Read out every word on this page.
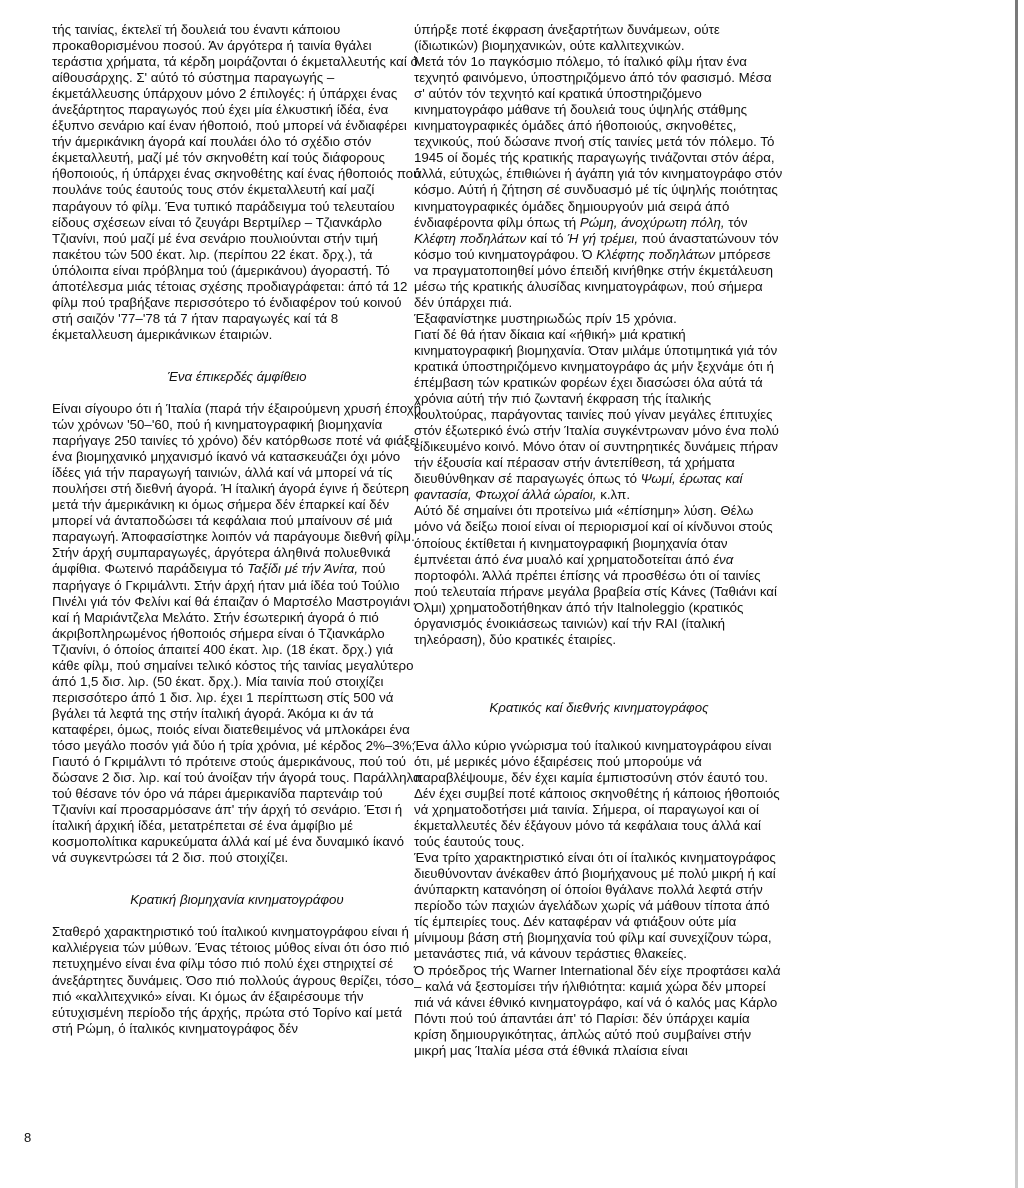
τής ταινίας, έκτελεϊ τή δουλειά του έναντι κάποιου προκαθορισμένου ποσού. Άν άργότερα ή ταινία θγάλει τεράστια χρήματα, τά κέρδη μοιράζονται ό έκμεταλλευτής καί ό αίθουσάρχης. Σ' αύτό τό σύστημα παραγωγής – έκμετάλλευσης ύπάρχουν μόνο 2 έπιλογές: ή ύπάρχει ένας άνεξάρτητος παραγωγός πού έχει μία έλκυστική ίδέα, ένα έξυπνο σενάριο καί έναν ήθοποιό, πού μπορεί νά ένδιαφέρει τήν άμερικάνικη άγορά καί πουλάει όλο τό σχέδιο στόν έκμεταλλευτή, μαζί μέ τόν σκηνοθέτη καί τούς διάφορους ήθοποιούς, ή ύπάρχει ένας σκηνοθέτης καί ένας ήθοποιός πού πουλάνε τούς έαυτούς τους στόν έκμεταλλευτή καί μαζί παράγουν τό φίλμ. Ένα τυπικό παράδειγμα τού τελευταίου είδους σχέσεων είναι τό ζευγάρι Βερτμίλερ – Τζιανκάρλο Τζιανίνι, πού μαζί μέ ένα σενάριο πουλιούνται στήν τιμή πακέτου τών 500 έκατ. λιρ. (περίπου 22 έκατ. δρχ.), τά ύπόλοιπα είναι πρόβλημα τού (άμερικάνου) άγοραστή. Τό άποτέλεσμα μιάς τέτοιας σχέσης προδιαγράφεται: άπό τά 12 φίλμ πού τραβήξανε περισσότερο τό ένδιαφέρον τού κοινού στή σαιζόν '77–'78 τά 7 ήταν παραγωγές καί τά 8 έκμεταλλευση άμερικάνικων έταιριών.

Ένα έπικερδές άμφίθειο

Είναι σίγουρο ότι ή Ίταλία (παρά τήν έξαιρούμενη χρυσή έποχή τών χρόνων '50–'60, πού ή κινηματογραφική βιομηχανία παρήγαγε 250 ταινίες τό χρόνο) δέν κατόρθωσε ποτέ νά φιάξει ένα βιομηχανικό μηχανισμό ίκανό νά κατασκευάζει όχι μόνο ίδέες γιά τήν παραγωγή ταινιών, άλλά καί νά μπορεί νά τίς πουλήσει στή διεθνή άγορά. Ή ίταλική άγορά έγινε ή δεύτερη μετά τήν άμερικάνικη κι όμως σήμερα δέν έπαρκεί καί δέν μπορεί νά άνταποδώσει τά κεφάλαια πού μπαίνουν σέ μιά παραγωγή. Άποφασίστηκε λοιπόν νά παράγουμε διεθνή φίλμ. Στήν άρχή συμπαραγωγές, άργότερα άληθινά πολυεθνικά άμφίθια. Φωτεινό παράδειγμα τό Ταξίδι μέ τήν Άνίτα, πού παρήγαγε ό Γκριμάλντι. Στήν άρχή ήταν μιά ίδέα τού Τούλιο Πινέλι γιά τόν Φελίνι καί θά έπαιζαν ό Μαρτσέλο Μαστρογιάνι καί ή Μαριάντζελα Μελάτο. Στήν έσωτερική άγορά ό πιό άκριβοπληρωμένος ήθοποιός σήμερα είναι ό Τζιανκάρλο Τζιανίνι, ό όποίος άπαιτεί 400 έκατ. λιρ. (18 έκατ. δρχ.) γιά κάθε φίλμ, πού σημαίνει τελικό κόστος τής ταινίας μεγαλύτερο άπό 1,5 δισ. λιρ. (50 έκατ. δρχ.). Μία ταινία πού στοιχίζει περισσότερο άπό 1 δισ. λιρ. έχει 1 περίπτωση στίς 500 νά βγάλει τά λεφτά της στήν ίταλική άγορά. Άκόμα κι άν τά καταφέρει, όμως, ποιός είναι διατεθειμένος νά μπλοκάρει ένα τόσο μεγάλο ποσόν γιά δύο ή τρία χρόνια, μέ κέρδος 2%–3%; Γιαυτό ό Γκριμάλντι τό πρότεινε στούς άμερικάνους, πού τού δώσανε 2 δισ. λιρ. καί τού άνοίξαν τήν άγορά τους. Παράλληλα τού θέσανε τόν όρο νά πάρει άμερικανίδα παρτενάιρ τού Τζιανίνι καί προσαρμόσανε άπ' τήν άρχή τό σενάριο. Έτσι ή ίταλική άρχική ίδέα, μετατρέπεται σέ ένα άμφίβιο μέ κοσμοπολίτικα καρυκεύματα άλλά καί μέ ένα δυναμικό ίκανό νά συγκεντρώσει τά 2 δισ. πού στοιχίζει.

Κρατική βιομηχανία κινηματογράφου

Σταθερό χαρακτηριστικό τού ίταλικού κινηματογράφου είναι ή καλλιέργεια τών μύθων. Ένας τέτοιος μύθος είναι ότι όσο πιό πετυχημένο είναι ένα φίλμ τόσο πιό πολύ έχει στηριχτεί σέ άνεξάρτητες δυνάμεις. Όσο πιό πολλούς άγρους θερίζει, τόσο πιό «καλλιτεχνικό» είναι. Κι όμως άν έξαιρέσουμε τήν εύτυχισμένη περίοδο τής άρχής, πρώτα στό Τορίνο καί μετά στή Ρώμη, ό ίταλικός κινηματογράφος δέν

ύπήρξε ποτέ έκφραση άνεξαρτήτων δυνάμεων, ούτε (ίδιωτικών) βιομηχανικών, ούτε καλλιτεχνικών.

Μετά τόν 1ο παγκόσμιο πόλεμο, τό ίταλικό φίλμ ήταν ένα τεχνητό φαινόμενο, ύποστηριζόμενο άπό τόν φασισμό. Μέσα σ' αύτόν τόν τεχνητό καί κρατικά ύποστηριζόμενο κινηματογράφο μάθανε τή δουλειά τους ύψηλής στάθμης κινηματογραφικές όμάδες άπό ήθοποιούς, σκηνοθέτες, τεχνικούς, πού δώσανε πνοή στίς ταινίες μετά τόν πόλεμο. Τό 1945 οί δομές τής κρατικής παραγωγής τινάζονται στόν άέρα, άλλά, εύτυχώς, έπιθιώνει ή άγάπη γιά τόν κινηματογράφο στόν κόσμο. Αύτή ή ζήτηση σέ συνδυασμό μέ τίς ύψηλής ποιότητας κινηματογραφικές όμάδες δημιουργούν μιά σειρά άπό ένδιαφέροντα φίλμ όπως τή Ρώμη, άνοχύρωτη πόλη, τόν Κλέφτη ποδηλάτων καί τό Ή γή τρέμει, πού άναστατώνουν τόν κόσμο τού κινηματογράφου. Ό Κλέφτης ποδηλάτων μπόρεσε να πραγματοποιηθεί μόνο έπειδή κινήθηκε στήν έκμετάλευση μέσω τής κρατικής άλυσίδας κινηματογράφων, πού σήμερα δέν ύπάρχει πιά.

Έξαφανίστηκε μυστηριωδώς πρίν 15 χρόνια.

Γιατί δέ θά ήταν δίκαια καί «ήθική» μιά κρατική κινηματογραφική βιομηχανία. Όταν μιλάμε ύποτιμητικά γιά τόν κρατικά ύποστηριζόμενο κινηματογράφο άς μήν ξεχνάμε ότι ή έπέμβαση τών κρατικών φορέων έχει διασώσει όλα αύτά τά χρόνια αύτή τήν πιό ζωντανή έκφραση τής ίταλικής κουλτούρας, παράγοντας ταινίες πού γίναν μεγάλες έπιτυχίες στόν έξωτερικό ένώ στήν Ίταλία συγκέντρωναν μόνο ένα πολύ είδικευμένο κοινό. Μόνο όταν οί συντηρητικές δυνάμεις πήραν τήν έξουσία καί πέρασαν στήν άντεπίθεση, τά χρήματα διευθύνθηκαν σέ παραγωγές όπως τό Ψωμί, έρωτας καί φαντασία, Φτωχοί άλλά ώραίοι, κ.λπ.

Αύτό δέ σημαίνει ότι προτείνω μιά «έπίσημη» λύση. Θέλω μόνο νά δείξω ποιοί είναι οί περιορισμοί καί οί κίνδυνοι στούς όποίους έκτίθεται ή κινηματογραφική βιομηχανία όταν έμπνέεται άπό ένα μυαλό καί χρηματοδοτείται άπό ένα πορτοφόλι. Άλλά πρέπει έπίσης νά προσθέσω ότι οί ταινίες πού τελευταία πήρανε μεγάλα βραβεία στίς Κάνες (Ταθιάνι καί Όλμι) χρηματοδοτήθηκαν άπό τήν Italnoleggio (κρατικός όργανισμός ένοικιάσεως ταινιών) καί τήν RAI (ίταλική τηλεόραση), δύο κρατικές έταιρίες.

Κρατικός καί διεθνής κινηματογράφος

Ένα άλλο κύριο γνώρισμα τού ίταλικού κινηματογράφου είναι ότι, μέ μερικές μόνο έξαιρέσεις πού μπορούμε νά παραβλέψουμε, δέν έχει καμία έμπιστοσύνη στόν έαυτό του. Δέν έχει συμβεί ποτέ κάποιος σκηνοθέτης ή κάποιος ήθοποιός νά χρηματοδοτήσει μιά ταινία. Σήμερα, οί παραγωγοί και οί έκμεταλλευτές δέν έξάγουν μόνο τά κεφάλαια τους άλλά καί τούς έαυτούς τους.

Ένα τρίτο χαρακτηριστικό είναι ότι οί ίταλικός κινηματογράφος διευθύνονταν άνέκαθεν άπό βιομήχανους μέ πολύ μικρή ή καί άνύπαρκτη κατανόηση οί όποίοι θγάλανε πολλά λεφτά στήν περίοδο τών παχιών άγελάδων χωρίς νά μάθουν τίποτα άπό τίς έμπειρίες τους. Δέν καταφέραν νά φτιάξουν ούτε μία μίνιμουμ βάση στή βιομηχανία τού φίλμ καί συνεχίζουν τώρα, μετανάστες πιά, νά κάνουν τεράστιες θλακείες.

Ό πρόεδρος τής Warner International δέν είχε προφτάσει καλά – καλά νά ξεστομίσει τήν ήλιθιότητα: καμιά χώρα δέν μπορεί πιά νά κάνει έθνικό κινηματογράφο, καί νά ό καλός μας Κάρλο Πόντι πού τού άπαντάει άπ' τό Παρίσι: δέν ύπάρχει καμία κρίση δημιουργικότητας, άπλώς αύτό πού συμβαίνει στήν μικρή μας Ίταλία μέσα στά έθνικά πλαίσια είναι

8
